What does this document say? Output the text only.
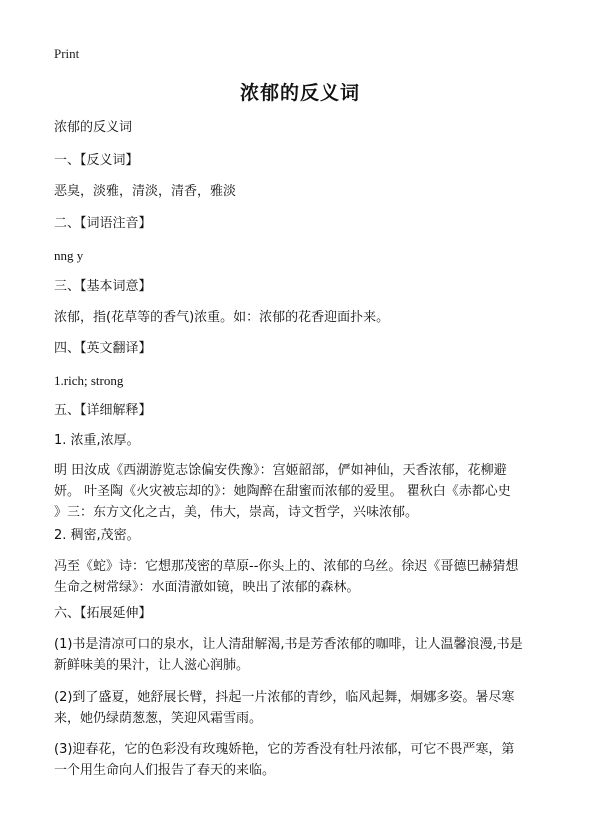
Print
浓郁的反义词
浓郁的反义词
一、【反义词】
恶臭，淡雅，清淡，清香，雅淡
二、【词语注音】
nng y
三、【基本词意】
浓郁，指(花草等的香气)浓重。如：浓郁的花香迎面扑来。
四、【英文翻译】
1.rich; strong
五、【详细解释】
1. 浓重,浓厚。
明 田汝成《西湖游览志馀偏安佚豫》：宫姬韶部，俨如神仙，天香浓郁，花柳避
妍。 叶圣陶《火灾被忘却的》：她陶醉在甜蜜而浓郁的爱里。 瞿秋白《赤都心史
》三：东方文化之古，美，伟大，崇高，诗文哲学，兴味浓郁。
2. 稠密,茂密。
冯至《蛇》诗：它想那茂密的草原--你头上的、浓郁的乌丝。徐迟《哥德巴赫猜想
生命之树常绿》：水面清澈如镜，映出了浓郁的森林。
六、【拓展延伸】
(1)书是清凉可口的泉水，让人清甜解渴,书是芳香浓郁的咖啡，让人温馨浪漫,书是
新鲜味美的果汁，让人滋心润肺。
(2)到了盛夏，她舒展长臂，抖起一片浓郁的青纱，临风起舞，炯娜多姿。暑尽寒
来，她仍绿荫葱葱，笑迎风霜雪雨。
(3)迎春花，它的色彩没有玫瑰娇艳，它的芳香没有牡丹浓郁，可它不畏严寒，第
一个用生命向人们报告了春天的来临。
